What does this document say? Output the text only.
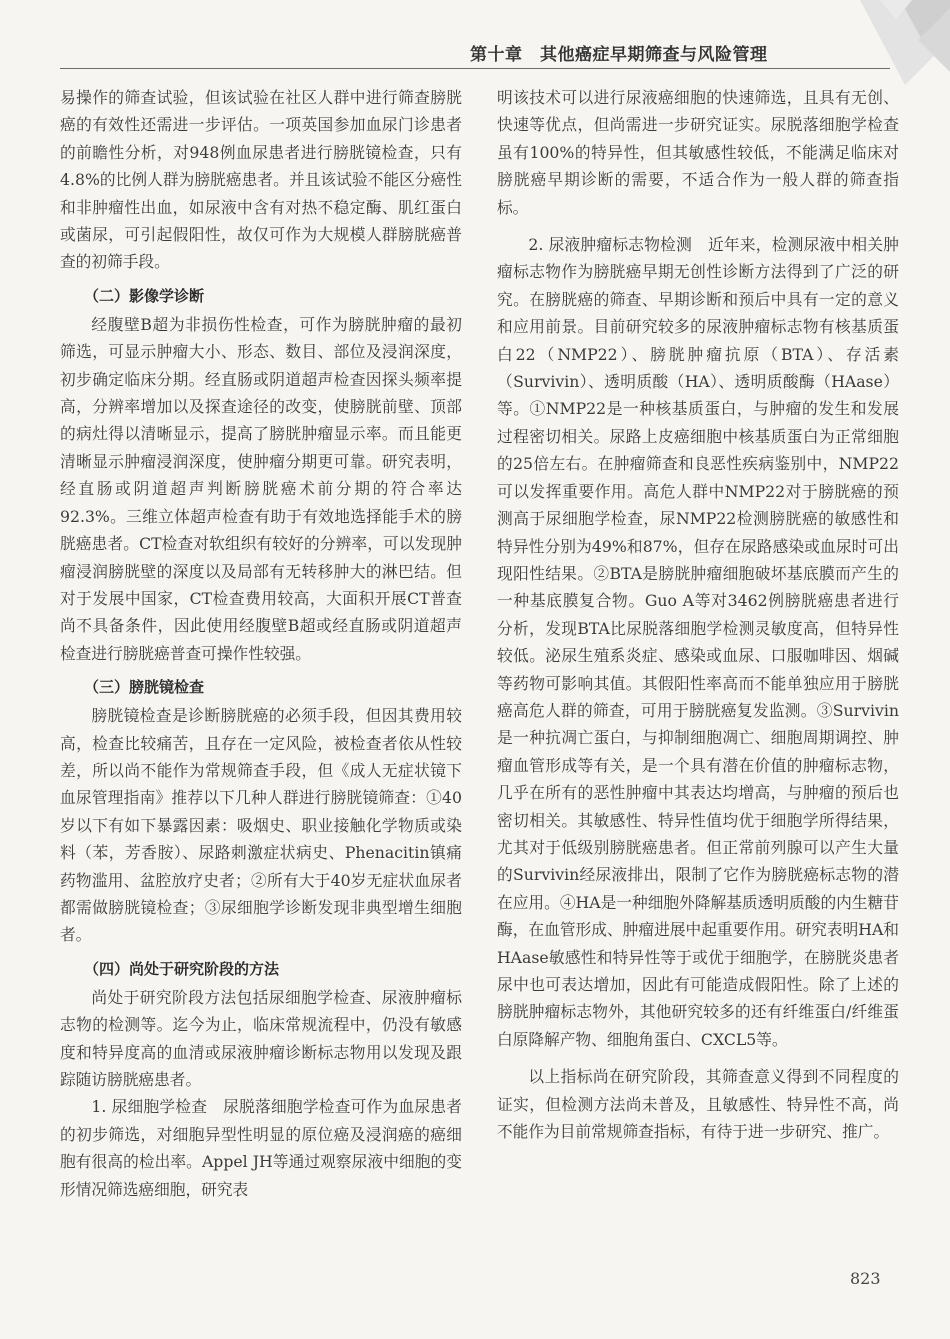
第十章　其他癌症早期筛查与风险管理

易操作的筛查试验，但该试验在社区人群中进行筛查膀胱癌的有效性还需进一步评估。一项英国参加血尿门诊患者的前瞻性分析，对948例血尿患者进行膀胱镜检查，只有4.8%的比例人群为膀胱癌患者。并且该试验不能区分癌性和非肿瘤性出血，如尿液中含有对热不稳定酶、肌红蛋白或菌尿，可引起假阳性，故仅可作为大规模人群膀胱癌普查的初筛手段。

（二）影像学诊断

经腹壁B超为非损伤性检查，可作为膀胱肿瘤的最初筛选，可显示肿瘤大小、形态、数目、部位及浸润深度，初步确定临床分期。经直肠或阴道超声检查因探头频率提高，分辨率增加以及探查途径的改变，使膀胱前壁、顶部的病灶得以清晰显示，提高了膀胱肿瘤显示率。而且能更清晰显示肿瘤浸润深度，使肿瘤分期更可靠。研究表明，经直肠或阴道超声判断膀胱癌术前分期的符合率达92.3%。三维立体超声检查有助于有效地选择能手术的膀胱癌患者。CT检查对软组织有较好的分辨率，可以发现肿瘤浸润膀胱壁的深度以及局部有无转移肿大的淋巴结。但对于发展中国家，CT检查费用较高，大面积开展CT普查尚不具备条件，因此使用经腹壁B超或经直肠或阴道超声检查进行膀胱癌普查可操作性较强。

（三）膀胱镜检查

膀胱镜检查是诊断膀胱癌的必须手段，但因其费用较高，检查比较痛苦，且存在一定风险，被检查者依从性较差，所以尚不能作为常规筛查手段，但《成人无症状镜下血尿管理指南》推荐以下几种人群进行膀胱镜筛查：①40岁以下有如下暴露因素：吸烟史、职业接触化学物质或染料（苯，芳香胺）、尿路刺激症状病史、Phenacitin镇痛药物滥用、盆腔放疗史者；②所有大于40岁无症状血尿者都需做膀胱镜检查；③尿细胞学诊断发现非典型增生细胞者。

（四）尚处于研究阶段的方法

尚处于研究阶段方法包括尿细胞学检查、尿液肿瘤标志物的检测等。迄今为止，临床常规流程中，仍没有敏感度和特异度高的血清或尿液肿瘤诊断标志物用以发现及跟踪随访膀胱癌患者。

1. 尿细胞学检查　尿脱落细胞学检查可作为血尿患者的初步筛选，对细胞异型性明显的原位癌及浸润癌的癌细胞有很高的检出率。Appel JH等通过观察尿液中细胞的变形情况筛选癌细胞，研究表

明该技术可以进行尿液癌细胞的快速筛选，且具有无创、快速等优点，但尚需进一步研究证实。尿脱落细胞学检查虽有100%的特异性，但其敏感性较低，不能满足临床对膀胱癌早期诊断的需要，不适合作为一般人群的筛查指标。

2. 尿液肿瘤标志物检测　近年来，检测尿液中相关肿瘤标志物作为膀胱癌早期无创性诊断方法得到了广泛的研究。在膀胱癌的筛查、早期诊断和预后中具有一定的意义和应用前景。目前研究较多的尿液肿瘤标志物有核基质蛋白22（NMP22）、膀胱肿瘤抗原（BTA）、存活素（Survivin）、透明质酸（HA）、透明质酸酶（HAase）等。①NMP22是一种核基质蛋白，与肿瘤的发生和发展过程密切相关。尿路上皮癌细胞中核基质蛋白为正常细胞的25倍左右。在肿瘤筛查和良恶性疾病鉴别中，NMP22可以发挥重要作用。高危人群中NMP22对于膀胱癌的预测高于尿细胞学检查，尿NMP22检测膀胱癌的敏感性和特异性分别为49%和87%，但存在尿路感染或血尿时可出现阳性结果。②BTA是膀胱肿瘤细胞破坏基底膜而产生的一种基底膜复合物。Guo A等对3462例膀胱癌患者进行分析，发现BTA比尿脱落细胞学检测灵敏度高，但特异性较低。泌尿生殖系炎症、感染或血尿、口服咖啡因、烟碱等药物可影响其值。其假阳性率高而不能单独应用于膀胱癌高危人群的筛查，可用于膀胱癌复发监测。③Survivin是一种抗凋亡蛋白，与抑制细胞凋亡、细胞周期调控、肿瘤血管形成等有关，是一个具有潜在价值的肿瘤标志物，几乎在所有的恶性肿瘤中其表达均增高，与肿瘤的预后也密切相关。其敏感性、特异性值均优于细胞学所得结果，尤其对于低级别膀胱癌患者。但正常前列腺可以产生大量的Survivin经尿液排出，限制了它作为膀胱癌标志物的潜在应用。④HA是一种细胞外降解基质透明质酸的内生糖苷酶，在血管形成、肿瘤进展中起重要作用。研究表明HA和HAase敏感性和特异性等于或优于细胞学，在膀胱炎患者尿中也可表达增加，因此有可能造成假阳性。除了上述的膀胱肿瘤标志物外，其他研究较多的还有纤维蛋白/纤维蛋白原降解产物、细胞角蛋白、CXCL5等。

以上指标尚在研究阶段，其筛查意义得到不同程度的证实，但检测方法尚未普及，且敏感性、特异性不高，尚不能作为目前常规筛查指标，有待于进一步研究、推广。

823
